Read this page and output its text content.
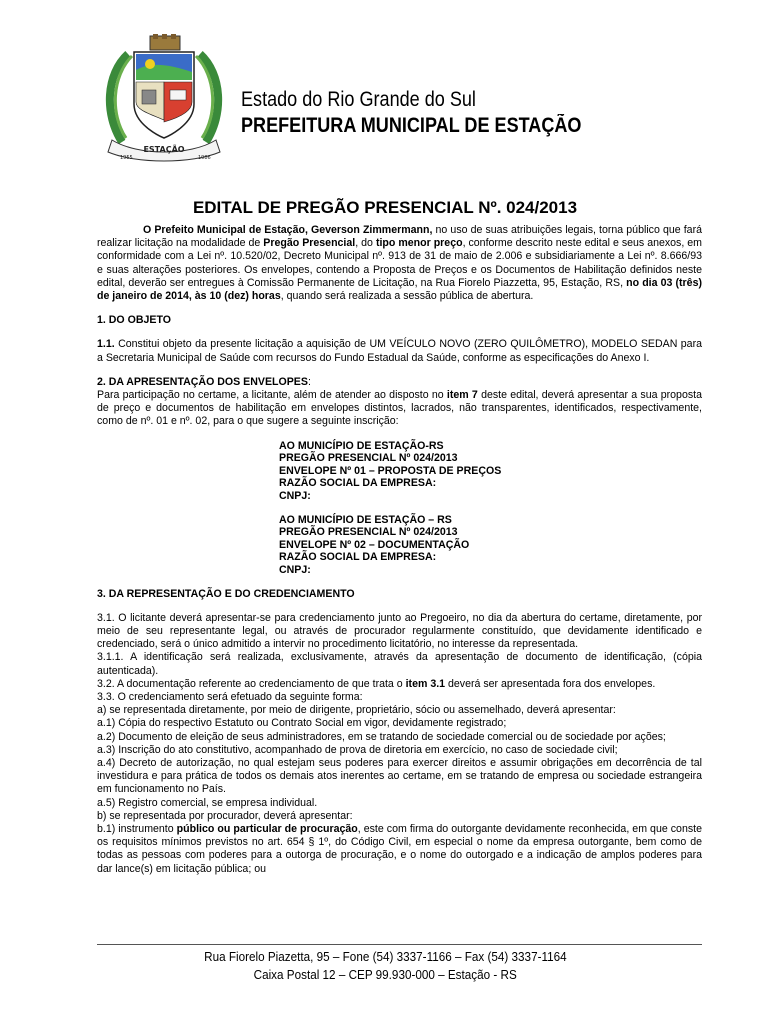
ESTAÇÃO
1955	1986
Estado do Rio Grande do Sul
PREFEITURA MUNICIPAL DE ESTAÇÃO
EDITAL DE PREGÃO PRESENCIAL Nº. 024/2013

O Prefeito Municipal de Estação, Geverson Zimmermann, no uso de suas atribuições legais, torna público que fará realizar licitação na modalidade de Pregão Presencial, do tipo menor preço, conforme descrito neste edital e seus anexos, em conformidade com a Lei nº. 10.520/02, Decreto Municipal nº. 913 de 31 de maio de 2.006 e subsidiariamente a Lei nº. 8.666/93 e suas alterações posteriores. Os envelopes, contendo a Proposta de Preços e os Documentos de Habilitação definidos neste edital, deverão ser entregues à Comissão Permanente de Licitação, na Rua Fiorelo Piazzetta, 95, Estação, RS, no dia 03 (três) de janeiro de 2014, às 10 (dez) horas, quando será realizada a sessão pública de abertura.

1. DO OBJETO

1.1. Constitui objeto da presente licitação a aquisição de UM VEÍCULO NOVO (ZERO QUILÔMETRO), MODELO SEDAN para a Secretaria Municipal de Saúde com recursos do Fundo Estadual da Saúde, conforme as especificações do Anexo I.

2. DA APRESENTAÇÃO DOS ENVELOPES:

Para participação no certame, a licitante, além de atender ao disposto no item 7 deste edital, deverá apresentar a sua proposta de preço e documentos de habilitação em envelopes distintos, lacrados, não transparentes, identificados, respectivamente, como de nº. 01 e nº. 02, para o que sugere a seguinte inscrição:

AO MUNICÍPIO DE ESTAÇÃO-RS
PREGÃO PRESENCIAL Nº 024/2013
ENVELOPE Nº 01 – PROPOSTA DE PREÇOS
RAZÃO SOCIAL DA EMPRESA:
CNPJ:
AO MUNICÍPIO DE ESTAÇÃO – RS
PREGÃO PRESENCIAL Nº 024/2013
ENVELOPE Nº 02 – DOCUMENTAÇÃO
RAZÃO SOCIAL DA EMPRESA:
CNPJ:

3. DA REPRESENTAÇÃO E DO CREDENCIAMENTO

3.1. O licitante deverá apresentar-se para credenciamento junto ao Pregoeiro, no dia da abertura do certame, diretamente, por meio de seu representante legal, ou através de procurador regularmente constituído, que devidamente identificado e credenciado, será o único admitido a intervir no procedimento licitatório, no interesse da representada.

3.1.1. A identificação será realizada, exclusivamente, através da apresentação de documento de identificação, (cópia autenticada).

3.2. A documentação referente ao credenciamento de que trata o item 3.1 deverá ser apresentada fora dos envelopes.

3.3. O credenciamento será efetuado da seguinte forma:

a) se representada diretamente, por meio de dirigente, proprietário, sócio ou assemelhado, deverá apresentar:

a.1) Cópia do respectivo Estatuto ou Contrato Social em vigor, devidamente registrado;

a.2) Documento de eleição de seus administradores, em se tratando de sociedade comercial ou de sociedade por ações;

a.3) Inscrição do ato constitutivo, acompanhado de prova de diretoria em exercício, no caso de sociedade civil;

a.4) Decreto de autorização, no qual estejam seus poderes para exercer direitos e assumir obrigações em decorrência de tal investidura e para prática de todos os demais atos inerentes ao certame, em se tratando de empresa ou sociedade estrangeira em funcionamento no País.

a.5) Registro comercial, se empresa individual.

b) se representada por procurador, deverá apresentar:

b.1) instrumento público ou particular de procuração, este com firma do outorgante devidamente reconhecida, em que conste os requisitos mínimos previstos no art. 654 § 1º, do Código Civil, em especial o nome da empresa outorgante, bem como de todas as pessoas com poderes para a outorga de procuração, e o nome do outorgado e a indicação de amplos poderes para dar lance(s) em licitação pública; ou

Rua Fiorelo Piazetta, 95 – Fone (54) 3337-1166 – Fax (54) 3337-1164
Caixa Postal 12 – CEP 99.930-000 – Estação - RS
